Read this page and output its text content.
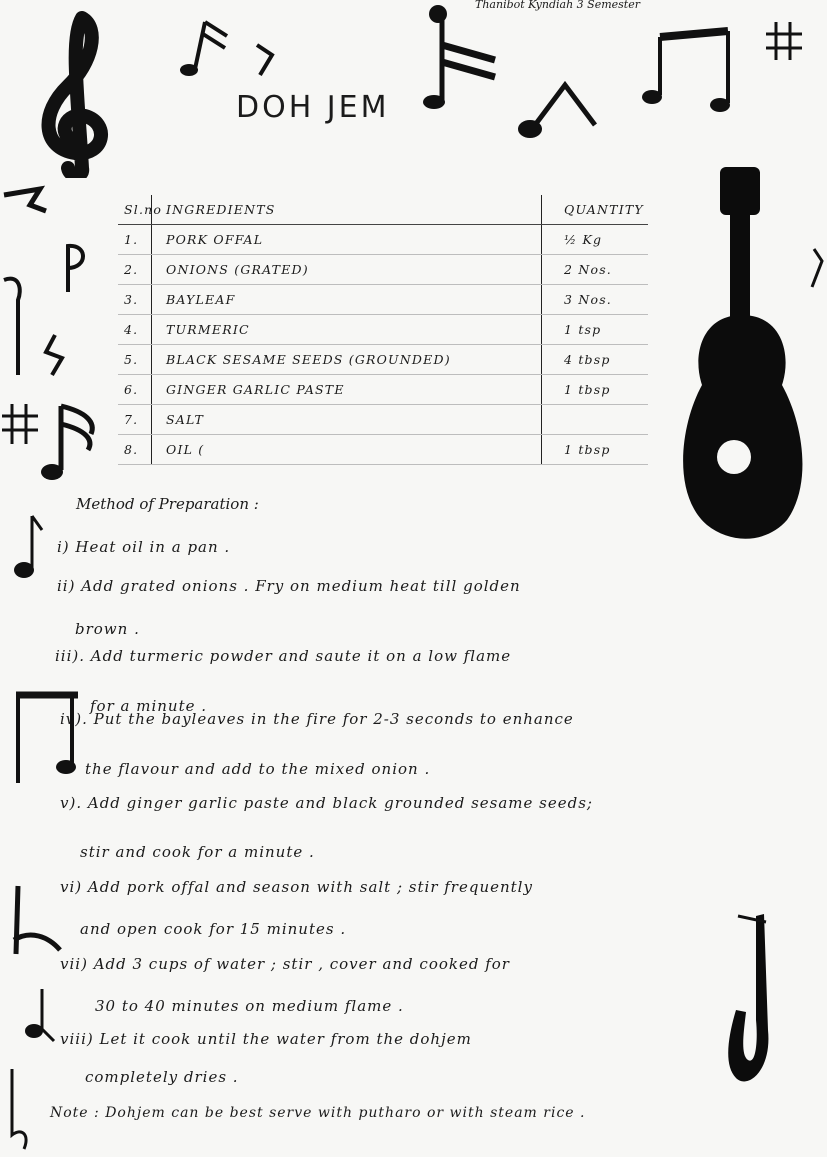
Thanibot Kyndiah 3 Semester
DOH JEM
Sl.no INGREDIENTS	QUANTITY
1.	PORK OFFAL	½ Kg
2.	ONIONS (GRATED)	2 Nos.
3.	BAYLEAF	3 Nos.
4.	TURMERIC	1 tsp
5.	BLACK SESAME SEEDS (GROUNDED)	4 tbsp
6.	GINGER GARLIC PASTE	1 tbsp
7.	SALT
8.	OIL (	1 tbsp
Method of Preparation :
i) Heat oil in a pan .
ii) Add grated onions . Fry on medium heat till golden
brown .
iii). Add turmeric powder and saute it on a low flame
for a minute .
iv). Put the bayleaves in the fire for 2-3 seconds to enhance
the flavour and add to the mixed onion .
v). Add ginger garlic paste and black grounded sesame seeds;
stir and cook for a minute .
vi) Add pork offal and season with salt ; stir frequently
and open cook for 15 minutes .
vii) Add 3 cups of water ; stir , cover and cooked for
30 to 40 minutes on medium flame .
viii) Let it cook until the water from the dohjem
completely dries .
Note : Dohjem can be best serve with putharo or with steam rice .
